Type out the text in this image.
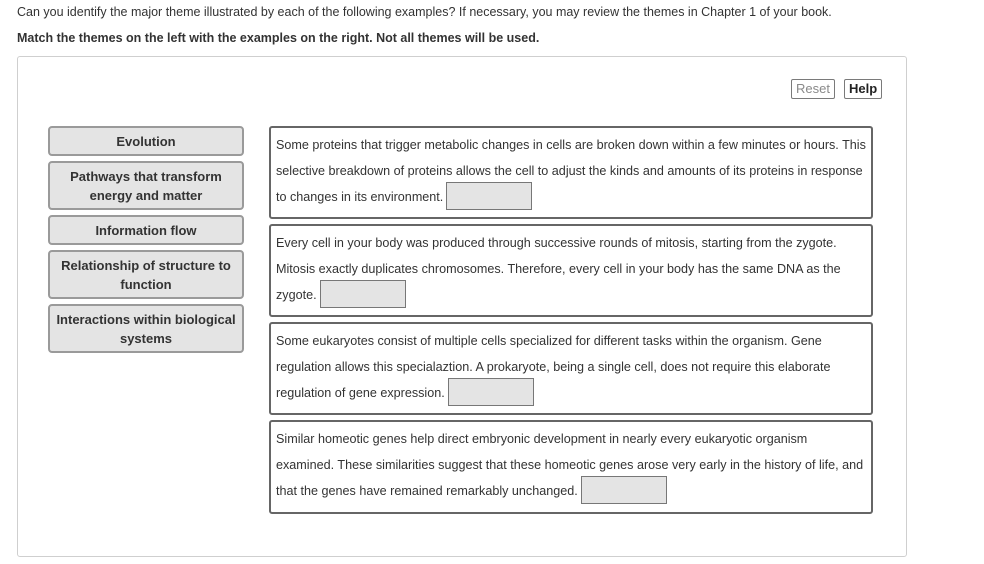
Can you identify the major theme illustrated by each of the following examples? If necessary, you may review the themes in Chapter 1 of your book.
Match the themes on the left with the examples on the right. Not all themes will be used.
Reset	Help
Evolution
Pathways that transform energy and matter
Information flow
Relationship of structure to function
Interactions within biological systems
Some proteins that trigger metabolic changes in cells are broken down within a few minutes or hours. This selective breakdown of proteins allows the cell to adjust the kinds and amounts of its proteins in response to changes in its environment.
Every cell in your body was produced through successive rounds of mitosis, starting from the zygote. Mitosis exactly duplicates chromosomes. Therefore, every cell in your body has the same DNA as the zygote.
Some eukaryotes consist of multiple cells specialized for different tasks within the organism. Gene regulation allows this specialaztion. A prokaryote, being a single cell, does not require this elaborate regulation of gene expression.
Similar homeotic genes help direct embryonic development in nearly every eukaryotic organism examined. These similarities suggest that these homeotic genes arose very early in the history of life, and that the genes have remained remarkably unchanged.
